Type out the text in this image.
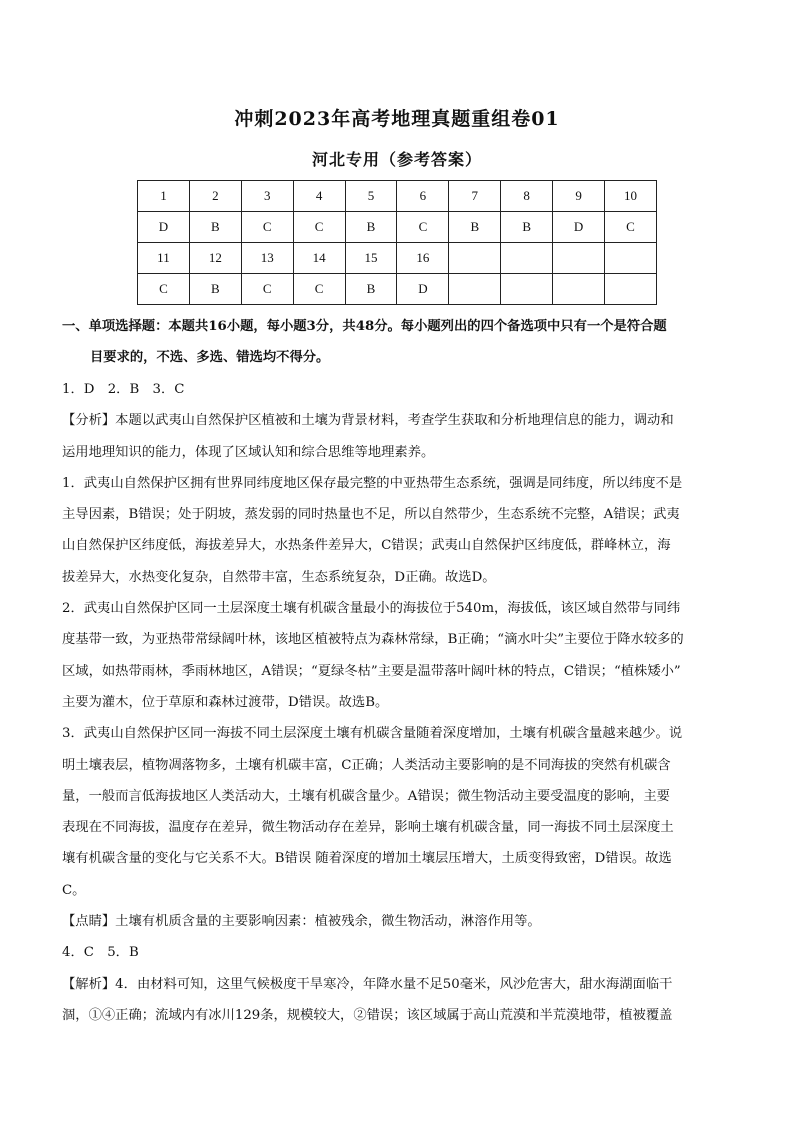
冲刺2023年高考地理真题重组卷01
河北专用（参考答案）
1	2	3	4	5	6	7	8	9	10
D	B	C	C	B	C	B	B	D	C
11	12	13	14	15	16				
C	B	C	C	B	D				

一、单项选择题：本题共16小题，每小题3分，共48分。每小题列出的四个备选项中只有一个是符合题

目要求的，不选、多选、错选均不得分。

1．D　2．B　3．C

【分析】本题以武夷山自然保护区植被和土壤为背景材料，考查学生获取和分析地理信息的能力，调动和

运用地理知识的能力，体现了区域认知和综合思维等地理素养。

1．武夷山自然保护区拥有世界同纬度地区保存最完整的中亚热带生态系统，强调是同纬度，所以纬度不是

主导因素，B错误；处于阴坡，蒸发弱的同时热量也不足，所以自然带少，生态系统不完整，A错误；武夷

山自然保护区纬度低，海拔差异大，水热条件差异大，C错误；武夷山自然保护区纬度低，群峰林立，海

拔差异大，水热变化复杂，自然带丰富，生态系统复杂，D正确。故选D。

2．武夷山自然保护区同一土层深度土壤有机碳含量最小的海拔位于540m，海拔低，该区域自然带与同纬

度基带一致，为亚热带常绿阔叶林，该地区植被特点为森林常绿，B正确；“滴水叶尖”主要位于降水较多的

区域，如热带雨林，季雨林地区，A错误；“夏绿冬枯”主要是温带落叶阔叶林的特点，C错误；“植株矮小”

主要为灌木，位于草原和森林过渡带，D错误。故选B。

3．武夷山自然保护区同一海拔不同土层深度土壤有机碳含量随着深度增加，土壤有机碳含量越来越少。说

明土壤表层，植物凋落物多，土壤有机碳丰富，C正确；人类活动主要影响的是不同海拔的突然有机碳含

量，一般而言低海拔地区人类活动大，土壤有机碳含量少。A错误；微生物活动主要受温度的影响，主要

表现在不同海拔，温度存在差异，微生物活动存在差异，影响土壤有机碳含量，同一海拔不同土层深度土

壤有机碳含量的变化与它关系不大。B错误 随着深度的增加土壤层压增大，土质变得致密，D错误。故选

C。

【点睛】土壤有机质含量的主要影响因素：植被残余，微生物活动，淋溶作用等。

4．C　5．B

【解析】4．由材料可知，这里气候极度干旱寒冷，年降水量不足50毫米，风沙危害大，甜水海湖面临干

涸，①④正确；流域内有冰川129条，规模较大，②错误；该区域属于高山荒漠和半荒漠地带，植被覆盖
